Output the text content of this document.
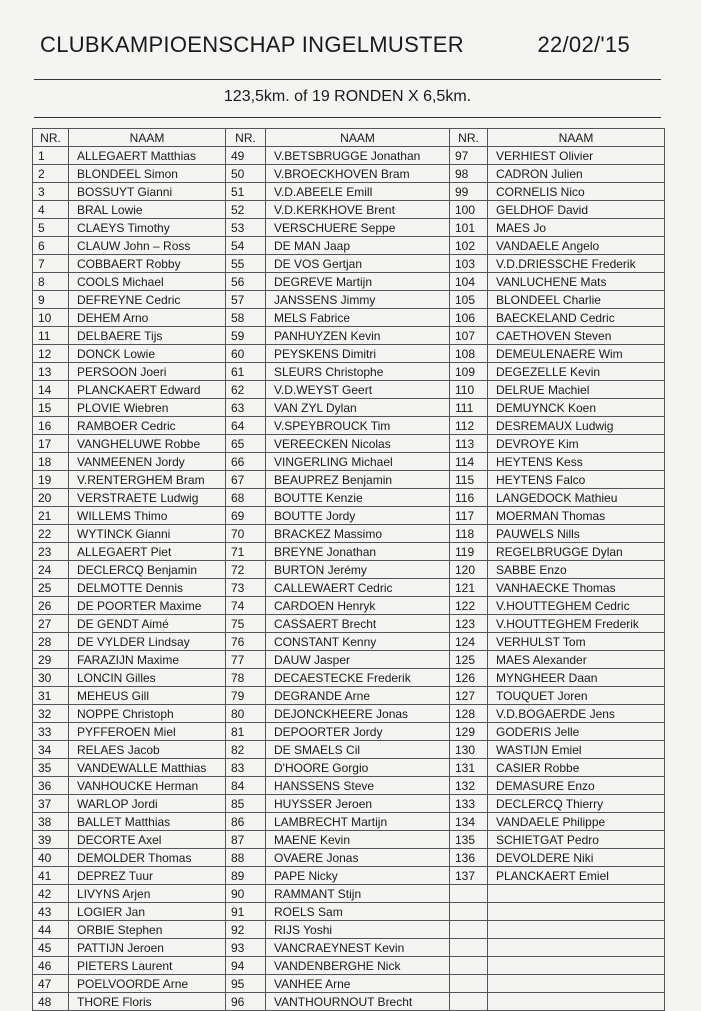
CLUBKAMPIOENSCHAP INGELMUSTER	22/02/'15
123,5km. of 19 RONDEN X 6,5km.
NR.	NAAM	NR.	NAAM	NR.	NAAM
1	ALLEGAERT Matthias	49	V.BETSBRUGGE Jonathan	97	VERHIEST Olivier
2	BLONDEEL Simon	50	V.BROECKHOVEN Bram	98	CADRON Julien
3	BOSSUYT Gianni	51	V.D.ABEELE Emill	99	CORNELIS Nico
4	BRAL Lowie	52	V.D.KERKHOVE Brent	100	GELDHOF David
5	CLAEYS Timothy	53	VERSCHUERE Seppe	101	MAES Jo
6	CLAUW John – Ross	54	DE MAN Jaap	102	VANDAELE Angelo
7	COBBAERT Robby	55	DE VOS Gertjan	103	V.D.DRIESSCHE Frederik
8	COOLS Michael	56	DEGREVE Martijn	104	VANLUCHENE Mats
9	DEFREYNE Cedric	57	JANSSENS Jimmy	105	BLONDEEL Charlie
10	DEHEM Arno	58	MELS Fabrice	106	BAECKELAND Cedric
11	DELBAERE Tijs	59	PANHUYZEN Kevin	107	CAETHOVEN Steven
12	DONCK Lowie	60	PEYSKENS Dimitri	108	DEMEULENAERE Wim
13	PERSOON Joeri	61	SLEURS Christophe	109	DEGEZELLE Kevin
14	PLANCKAERT Edward	62	V.D.WEYST Geert	110	DELRUE Machiel
15	PLOVIE Wiebren	63	VAN ZYL Dylan	111	DEMUYNCK Koen
16	RAMBOER Cedric	64	V.SPEYBROUCK Tim	112	DESREMAUX Ludwig
17	VANGHELUWE Robbe	65	VEREECKEN Nicolas	113	DEVROYE Kim
18	VANMEENEN Jordy	66	VINGERLING Michael	114	HEYTENS Kess
19	V.RENTERGHEM Bram	67	BEAUPREZ Benjamin	115	HEYTENS Falco
20	VERSTRAETE Ludwig	68	BOUTTE Kenzie	116	LANGEDOCK Mathieu
21	WILLEMS Thimo	69	BOUTTE Jordy	117	MOERMAN Thomas
22	WYTINCK Gianni	70	BRACKEZ Massimo	118	PAUWELS Nills
23	ALLEGAERT Piet	71	BREYNE Jonathan	119	REGELBRUGGE Dylan
24	DECLERCQ Benjamin	72	BURTON Jerémy	120	SABBE Enzo
25	DELMOTTE Dennis	73	CALLEWAERT Cedric	121	VANHAECKE Thomas
26	DE POORTER Maxime	74	CARDOEN Henryk	122	V.HOUTTEGHEM Cedric
27	DE GENDT Aimé	75	CASSAERT Brecht	123	V.HOUTTEGHEM Frederik
28	DE VYLDER Lindsay	76	CONSTANT Kenny	124	VERHULST Tom
29	FARAZIJN Maxime	77	DAUW Jasper	125	MAES Alexander
30	LONCIN Gilles	78	DECAESTECKE Frederik	126	MYNGHEER Daan
31	MEHEUS Gill	79	DEGRANDE Arne	127	TOUQUET Joren
32	NOPPE Christoph	80	DEJONCKHEERE Jonas	128	V.D.BOGAERDE Jens
33	PYFFEROEN Miel	81	DEPOORTER Jordy	129	GODERIS Jelle
34	RELAES Jacob	82	DE SMAELS Cil	130	WASTIJN Emiel
35	VANDEWALLE Matthias	83	D'HOORE Gorgio	131	CASIER Robbe
36	VANHOUCKE Herman	84	HANSSENS Steve	132	DEMASURE Enzo
37	WARLOP Jordi	85	HUYSSER Jeroen	133	DECLERCQ Thierry
38	BALLET Matthias	86	LAMBRECHT Martijn	134	VANDAELE Philippe
39	DECORTE Axel	87	MAENE Kevin	135	SCHIETGAT Pedro
40	DEMOLDER Thomas	88	OVAERE Jonas	136	DEVOLDERE Niki
41	DEPREZ Tuur	89	PAPE Nicky	137	PLANCKAERT Emiel
42	LIVYNS Arjen	90	RAMMANT Stijn		
43	LOGIER Jan	91	ROELS Sam		
44	ORBIE Stephen	92	RIJS Yoshi		
45	PATTIJN Jeroen	93	VANCRAEYNEST Kevin		
46	PIETERS Laurent	94	VANDENBERGHE Nick		
47	POELVOORDE Arne	95	VANHEE Arne		
48	THORE Floris	96	VANTHOURNOUT Brecht		
